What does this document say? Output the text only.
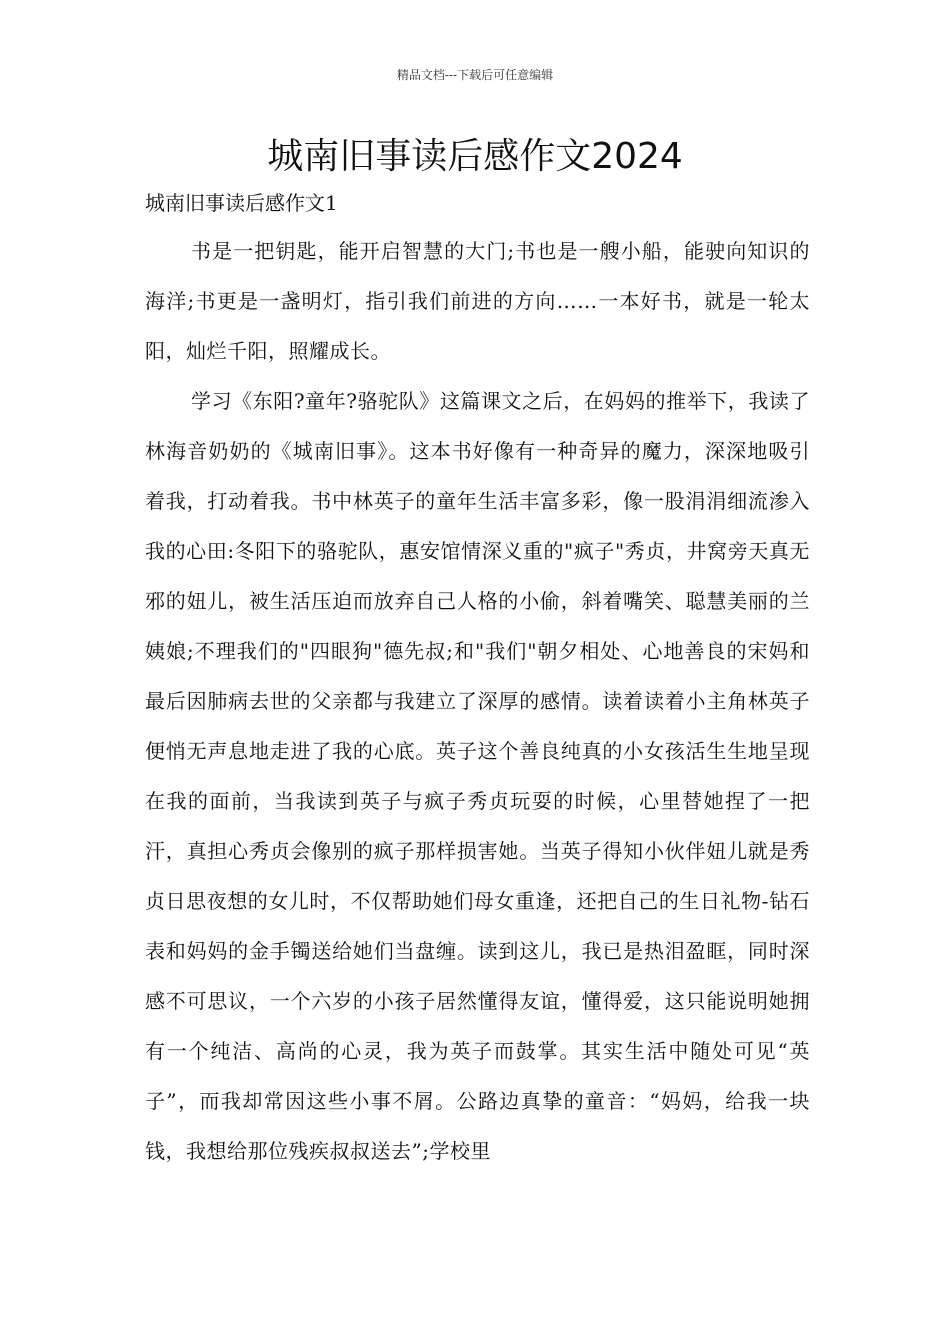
精品文档---下载后可任意编辑
城南旧事读后感作文2024

城南旧事读后感作文1

书是一把钥匙，能开启智慧的大门;书也是一艘小船，能驶向知识的海洋;书更是一盏明灯，指引我们前进的方向……一本好书，就是一轮太阳，灿烂千阳，照耀成长。

学习《东阳?童年?骆驼队》这篇课文之后，在妈妈的推举下，我读了林海音奶奶的《城南旧事》。这本书好像有一种奇异的魔力，深深地吸引着我，打动着我。书中林英子的童年生活丰富多彩，像一股涓涓细流渗入我的心田:冬阳下的骆驼队，惠安馆情深义重的"疯子"秀贞，井窝旁天真无邪的妞儿，被生活压迫而放弃自己人格的小偷，斜着嘴笑、聪慧美丽的兰姨娘;不理我们的"四眼狗"德先叔;和"我们"朝夕相处、心地善良的宋妈和最后因肺病去世的父亲都与我建立了深厚的感情。读着读着小主角林英子便悄无声息地走进了我的心底。英子这个善良纯真的小女孩活生生地呈现在我的面前，当我读到英子与疯子秀贞玩耍的时候，心里替她捏了一把汗，真担心秀贞会像别的疯子那样损害她。当英子得知小伙伴妞儿就是秀贞日思夜想的女儿时，不仅帮助她们母女重逢，还把自己的生日礼物-钻石表和妈妈的金手镯送给她们当盘缠。读到这儿，我已是热泪盈眶，同时深感不可思议，一个六岁的小孩子居然懂得友谊，懂得爱，这只能说明她拥有一个纯洁、高尚的心灵，我为英子而鼓掌。其实生活中随处可见“英子”，而我却常因这些小事不屑。公路边真挚的童音：“妈妈，给我一块钱，我想给那位残疾叔叔送去”;学校里
